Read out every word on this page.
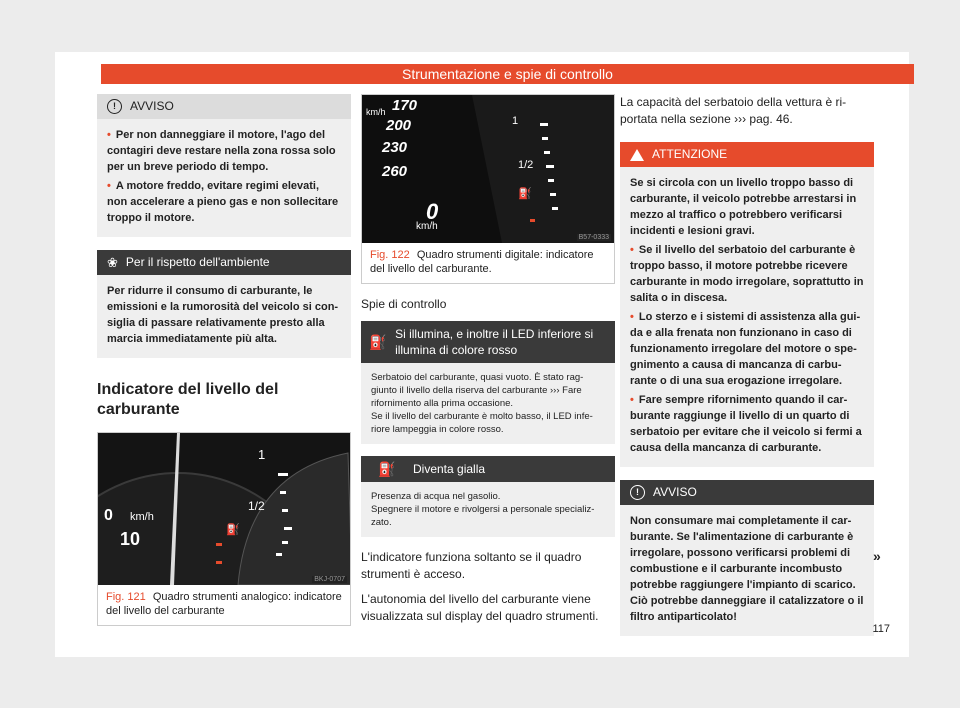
Strumentazione e spie di controllo
!	AVVISO

• Per non danneggiare il motore, l'ago del contagiri deve restare nella zona rossa solo per un breve periodo di tempo.

• A motore freddo, evitare regimi elevati, non accelerare a pieno gas e non sollecitare troppo il motore.

❀ Per il rispetto dell'ambiente

Per ridurre il consumo di carburante, le emissioni e la rumorosità del veicolo si consiglia di passare relativamente presto alla marcia immediatamente più alta.

Indicatore del livello del carburante
1
1/2
km/h
0
10	⛽
BKJ-0707
Fig. 121 Quadro strumenti analogico: indicatore del livello del carburante
170
200
230
260
km/h
0
km/h
1
1/2
⛽
B57-0333
Fig. 122 Quadro strumenti digitale: indicatore del livello del carburante.

Spie di controllo

⛽ Si illumina, e inoltre il LED inferiore si illumina di colore rosso

Serbatoio del carburante, quasi vuoto. È stato raggiunto il livello della riserva del carburante ››› Fare rifornimento alla prima occasione.

Se il livello del carburante è molto basso, il LED inferiore lampeggia in colore rosso.

⛽	Diventa gialla

Presenza di acqua nel gasolio.

Spegnere il motore e rivolgersi a personale specializzato.

L'indicatore funziona soltanto se il quadro strumenti è acceso.

L'autonomia del livello del carburante viene visualizzata sul display del quadro strumenti.

La capacità del serbatoio della vettura è riportata nella sezione ››› pag. 46.

ATTENZIONE

Se si circola con un livello troppo basso di carburante, il veicolo potrebbe arrestarsi in mezzo al traffico o potrebbero verificarsi incidenti e lesioni gravi.

• Se il livello del serbatoio del carburante è troppo basso, il motore potrebbe ricevere carburante in modo irregolare, soprattutto in salita o in discesa.

• Lo sterzo e i sistemi di assistenza alla guida e alla frenata non funzionano in caso di funzionamento irregolare del motore o spegnimento a causa di mancanza di carburante o di una sua erogazione irregolare.

• Fare sempre rifornimento quando il carburante raggiunge il livello di un quarto di serbatoio per evitare che il veicolo si fermi a causa della mancanza di carburante.

!	AVVISO

Non consumare mai completamente il carburante. Se l'alimentazione di carburante è irregolare, possono verificarsi problemi di combustione e il carburante incombusto potrebbe raggiungere l'impianto di scarico. Ciò potrebbe danneggiare il catalizzatore o il filtro antiparticolato!

»
117
